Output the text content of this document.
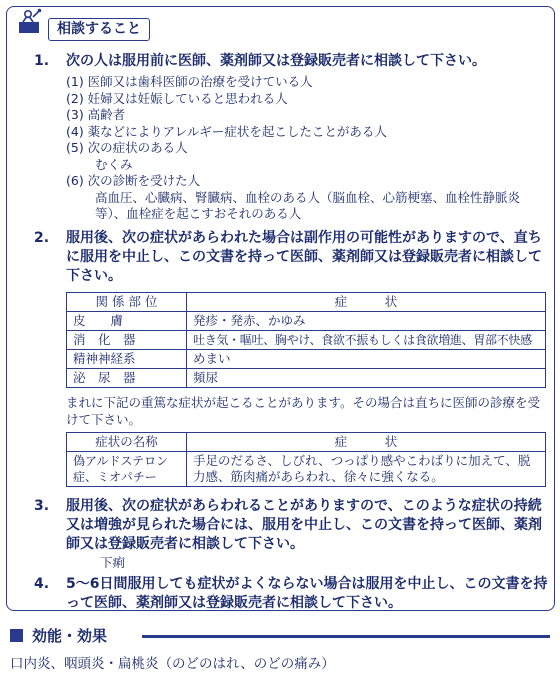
相談すること
1. 次の人は服用前に医師、薬剤師又は登録販売者に相談して下さい。
(1) 医師又は歯科医師の治療を受けている人
(2) 妊婦又は妊娠していると思われる人
(3) 高齢者
(4) 薬などによりアレルギー症状を起こしたことがある人
(5) 次の症状のある人
むくみ
(6) 次の診断を受けた人
高血圧、心臓病、腎臓病、血栓のある人（脳血栓、心筋梗塞、血栓性静脈炎等）、血栓症を起こすおそれのある人
2. 服用後、次の症状があらわれた場合は副作用の可能性がありますので、直ちに服用を中止し、この文書を持って医師、薬剤師又は登録販売者に相談して下さい。
関 係 部 位	症　　　状
皮　　膚	発疹・発赤、かゆみ
消　化　器	吐き気・嘔吐、胸やけ、食欲不振もしくは食欲増進、胃部不快感
精神神経系	めまい
泌　尿　器	頻尿
まれに下記の重篤な症状が起こることがあります。その場合は直ちに医師の診療を受けて下さい。
症状の名称	症　　　状
偽アルドステロン症、ミオパチー	手足のだるさ、しびれ、つっぱり感やこわばりに加えて、脱力感、筋肉痛があらわれ、徐々に強くなる。
3. 服用後、次の症状があらわれることがありますので、このような症状の持続又は増強が見られた場合には、服用を中止し、この文書を持って医師、薬剤師又は登録販売者に相談して下さい。
下痢
4. 5〜6日間服用しても症状がよくならない場合は服用を中止し、この文書を持って医師、薬剤師又は登録販売者に相談して下さい。
効能・効果
口内炎、咽頭炎・扁桃炎（のどのはれ、のどの痛み）
